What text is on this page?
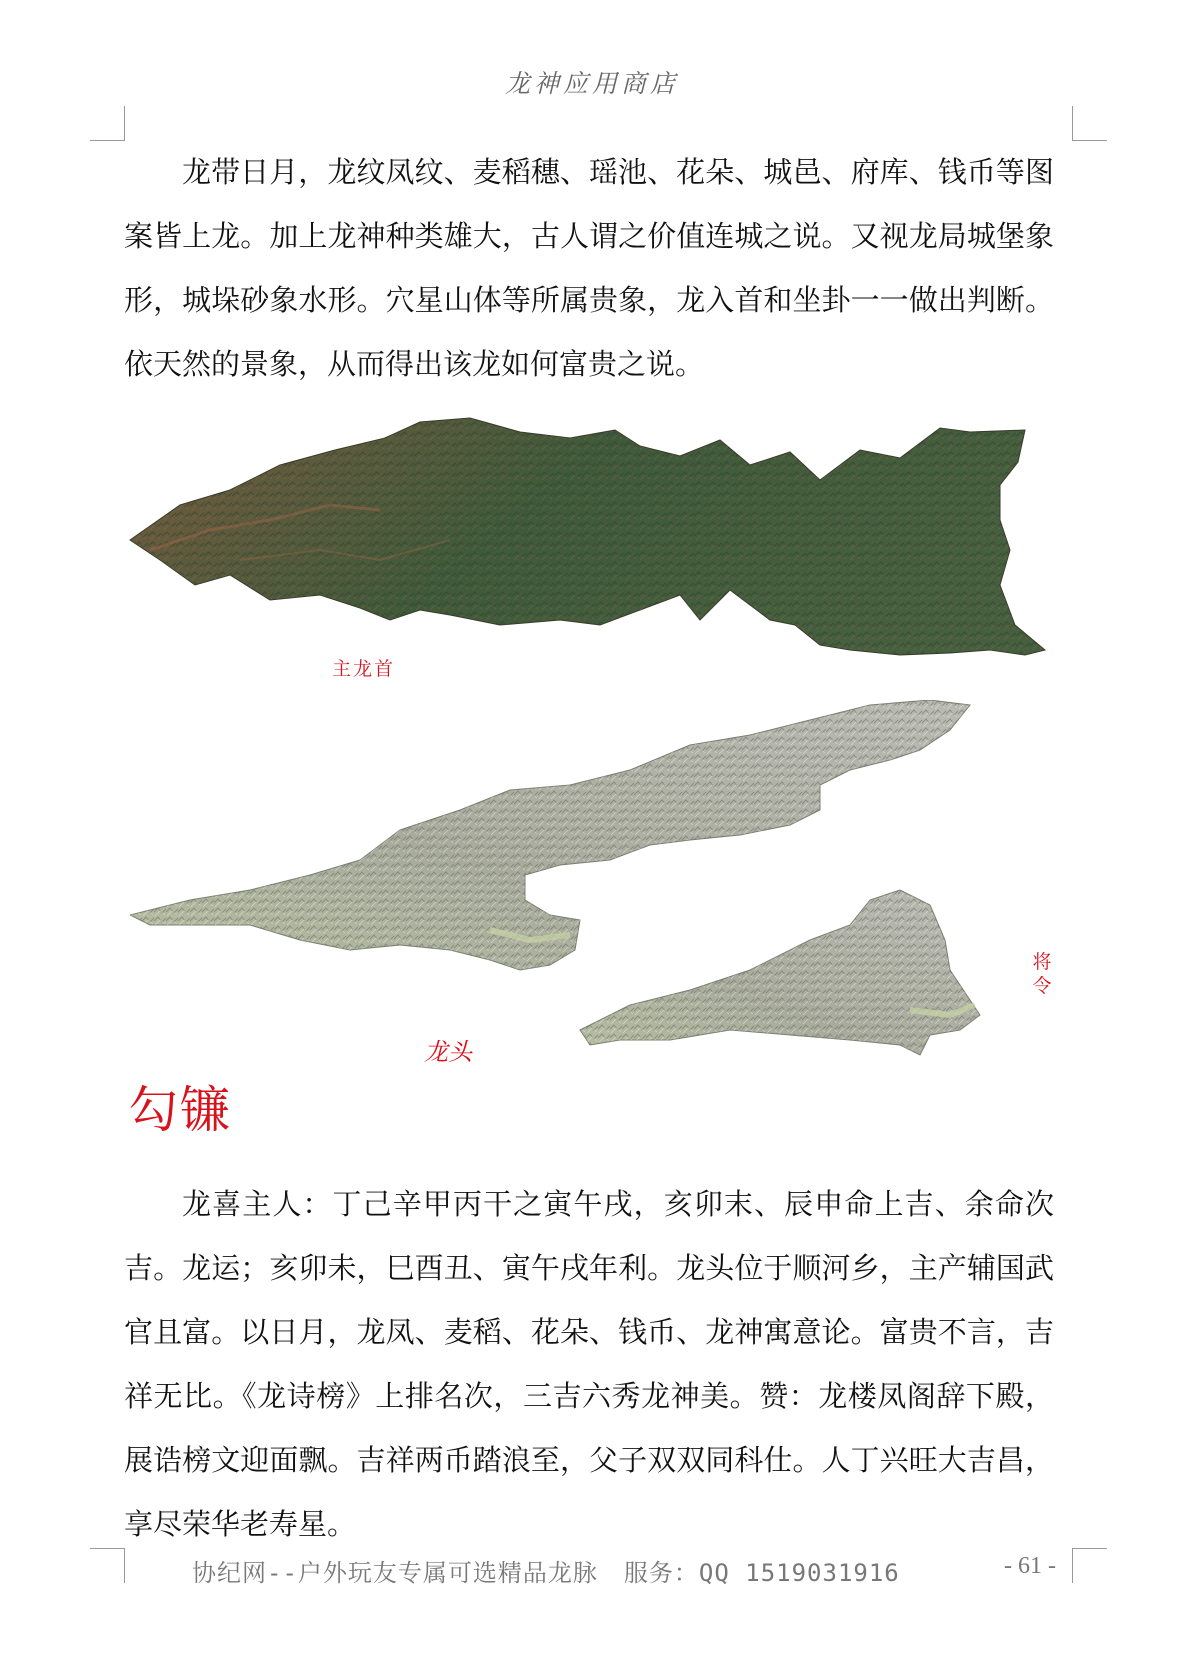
龙神应用商店
龙带日月，龙纹凤纹、麦稻穗、瑶池、花朵、城邑、府库、钱币等图案皆上龙。加上龙神种类雄大，古人谓之价值连城之说。又视龙局城堡象形，城垛砂象水形。穴星山体等所属贵象，龙入首和坐卦一一做出判断。依天然的景象，从而得出该龙如何富贵之说。
主龙首
龙头
将令
勾镰
龙喜主人：丁己辛甲丙干之寅午戌，亥卯末、辰申命上吉、余命次吉。龙运；亥卯未，巳酉丑、寅午戌年利。龙头位于顺河乡，主产辅国武官且富。以日月，龙凤、麦稻、花朵、钱币、龙神寓意论。富贵不言，吉祥无比。《龙诗榜》上排名次，三吉六秀龙神美。赞：龙楼凤阁辞下殿，展诰榜文迎面飘。吉祥两币踏浪至，父子双双同科仕。人丁兴旺大吉昌，享尽荣华老寿星。
协纪网--户外玩友专属可选精品龙脉 服务：QQ 1519031916	- 61 -
